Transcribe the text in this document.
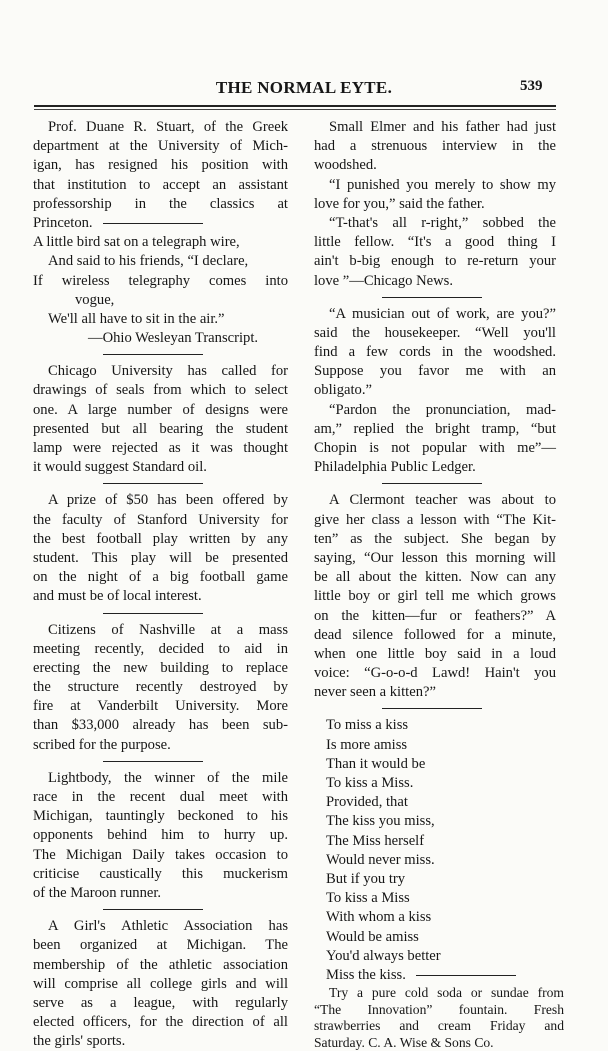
THE NORMAL EYTE.	539
Prof. Duane R. Stuart, of the Greek
department at the University of Mich-
igan, has resigned his position with
that institution to accept an assistant
professorship in the classics at
Princeton.
A little bird sat on a telegraph wire,
And said to his friends, “I declare,
If wireless telegraphy comes into
vogue,
We'll all have to sit in the air.”
—Ohio Wesleyan Transcript.
Chicago University has called for
drawings of seals from which to select
one. A large number of designs were
presented but all bearing the student
lamp were rejected as it was thought
it would suggest Standard oil.
A prize of $50 has been offered by
the faculty of Stanford University for
the best football play written by any
student. This play will be presented
on the night of a big football game
and must be of local interest.
Citizens of Nashville at a mass
meeting recently, decided to aid in
erecting the new building to replace
the structure recently destroyed by
fire at Vanderbilt University. More
than $33,000 already has been sub-
scribed for the purpose.
Lightbody, the winner of the mile
race in the recent dual meet with
Michigan, tauntingly beckoned to his
opponents behind him to hurry up.
The Michigan Daily takes occasion to
criticise caustically this muckerism
of the Maroon runner.
A Girl's Athletic Association has
been organized at Michigan. The
membership of the athletic association
will comprise all college girls and will
serve as a league, with regularly
elected officers, for the direction of all
the girls' sports.
Small Elmer and his father had just
had a strenuous interview in the
woodshed.
“I punished you merely to show my
love for you,” said the father.
“T-that's all r-right,” sobbed the
little fellow. “It's a good thing I
ain't b-big enough to re-return your
love ”—Chicago News.
“A musician out of work, are you?”
said the housekeeper. “Well you'll
find a few cords in the woodshed.
Suppose you favor me with an
obligato.”
“Pardon the pronunciation, mad-
am,” replied the bright tramp, “but
Chopin is not popular with me”—
Philadelphia Public Ledger.
A Clermont teacher was about to
give her class a lesson with “The Kit-
ten” as the subject. She began by
saying, “Our lesson this morning will
be all about the kitten. Now can any
little boy or girl tell me which grows
on the kitten—fur or feathers?” A
dead silence followed for a minute,
when one little boy said in a loud
voice: “G-o-o-d Lawd! Hain't you
never seen a kitten?”
To miss a kiss
Is more amiss
Than it would be
To kiss a Miss.
Provided, that
The kiss you miss,
The Miss herself
Would never miss.
But if you try
To kiss a Miss
With whom a kiss
Would be amiss
You'd always better
Miss the kiss.
Try a pure cold soda or sundae from
“The Innovation” fountain. Fresh
strawberries and cream Friday and
Saturday. C. A. Wise & Sons Co.
